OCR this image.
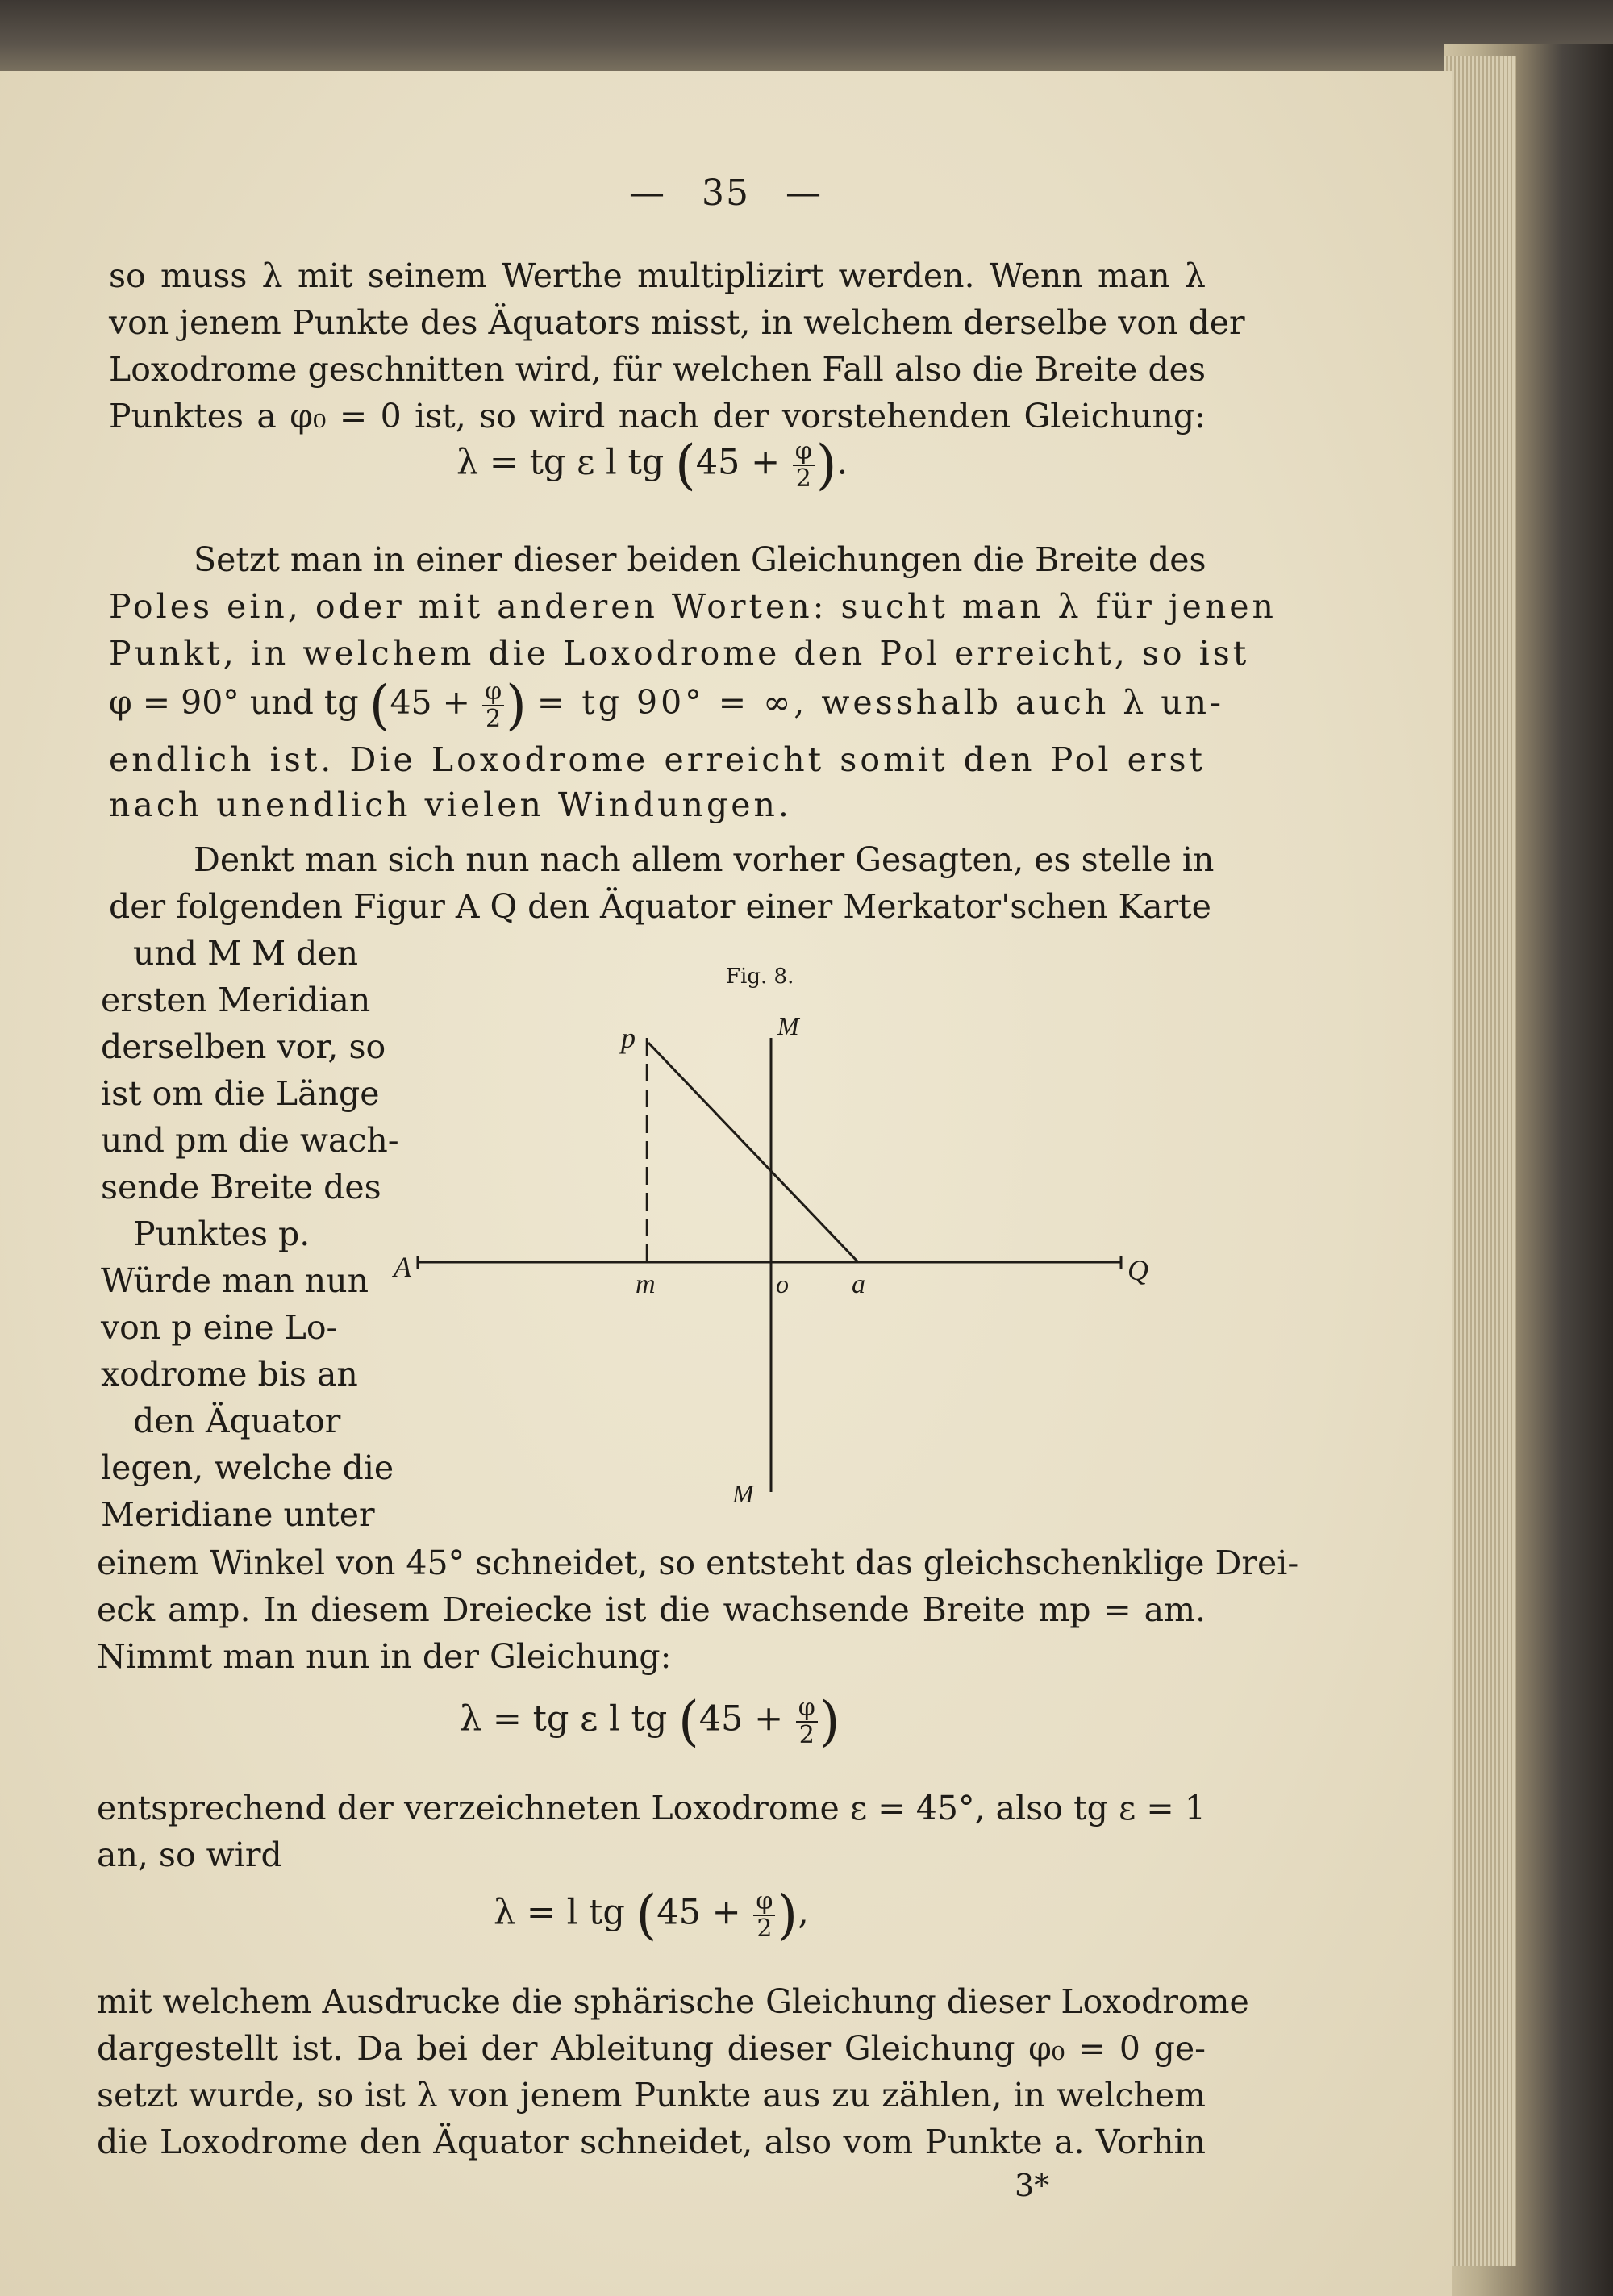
— 35 —
so muss λ mit seinem Werthe multiplizirt werden. Wenn man λ
von jenem Punkte des Äquators misst, in welchem derselbe von der
Loxodrome geschnitten wird, für welchen Fall also die Breite des
Punktes a φ₀ = 0 ist, so wird nach der vorstehenden Gleichung:
λ = tg ε l tg ($45 + \frac{\varphi}{2}$ ).
Setzt man in einer dieser beiden Gleichungen die Breite des
Poles ein, oder mit anderen Worten: sucht man λ für jenen
Punkt, in welchem die Loxodrome den Pol erreicht, so ist
φ = 90° und tg ($45 + \frac{\varphi}{2}$ ) = tg 90° = ∞, wesshalb auch λ un-
endlich ist. Die Loxodrome erreicht somit den Pol erst
nach unendlich vielen Windungen.
Denkt man sich nun nach allem vorher Gesagten, es stelle in
der folgenden Figur A Q den Äquator einer Merkator'schen Karte
und M M den
ersten Meridian
derselben vor, so
ist om die Länge
und pm die wach-
sende Breite des
Punktes p.
Würde man nun
von p eine Lo-
xodrome bis an
den Äquator
legen, welche die
Meridiane unter
Fig. 8.
einem Winkel von 45° schneidet, so entsteht das gleichschenklige Drei-
eck amp. In diesem Dreiecke ist die wachsende Breite mp = am.
Nimmt man nun in der Gleichung:
λ = tg ε l tg ($45 + \frac{\varphi}{2}$ )
entsprechend der verzeichneten Loxodrome ε = 45°, also tg ε = 1
an, so wird
λ = l tg ($45 + \frac{\varphi}{2}$ ),
mit welchem Ausdrucke die sphärische Gleichung dieser Loxodrome
dargestellt ist. Da bei der Ableitung dieser Gleichung φ₀ = 0 ge-
setzt wurde, so ist λ von jenem Punkte aus zu zählen, in welchem
die Loxodrome den Äquator schneidet, also vom Punkte a. Vorhin
3*
A	Q
M
M
p
m	o a
